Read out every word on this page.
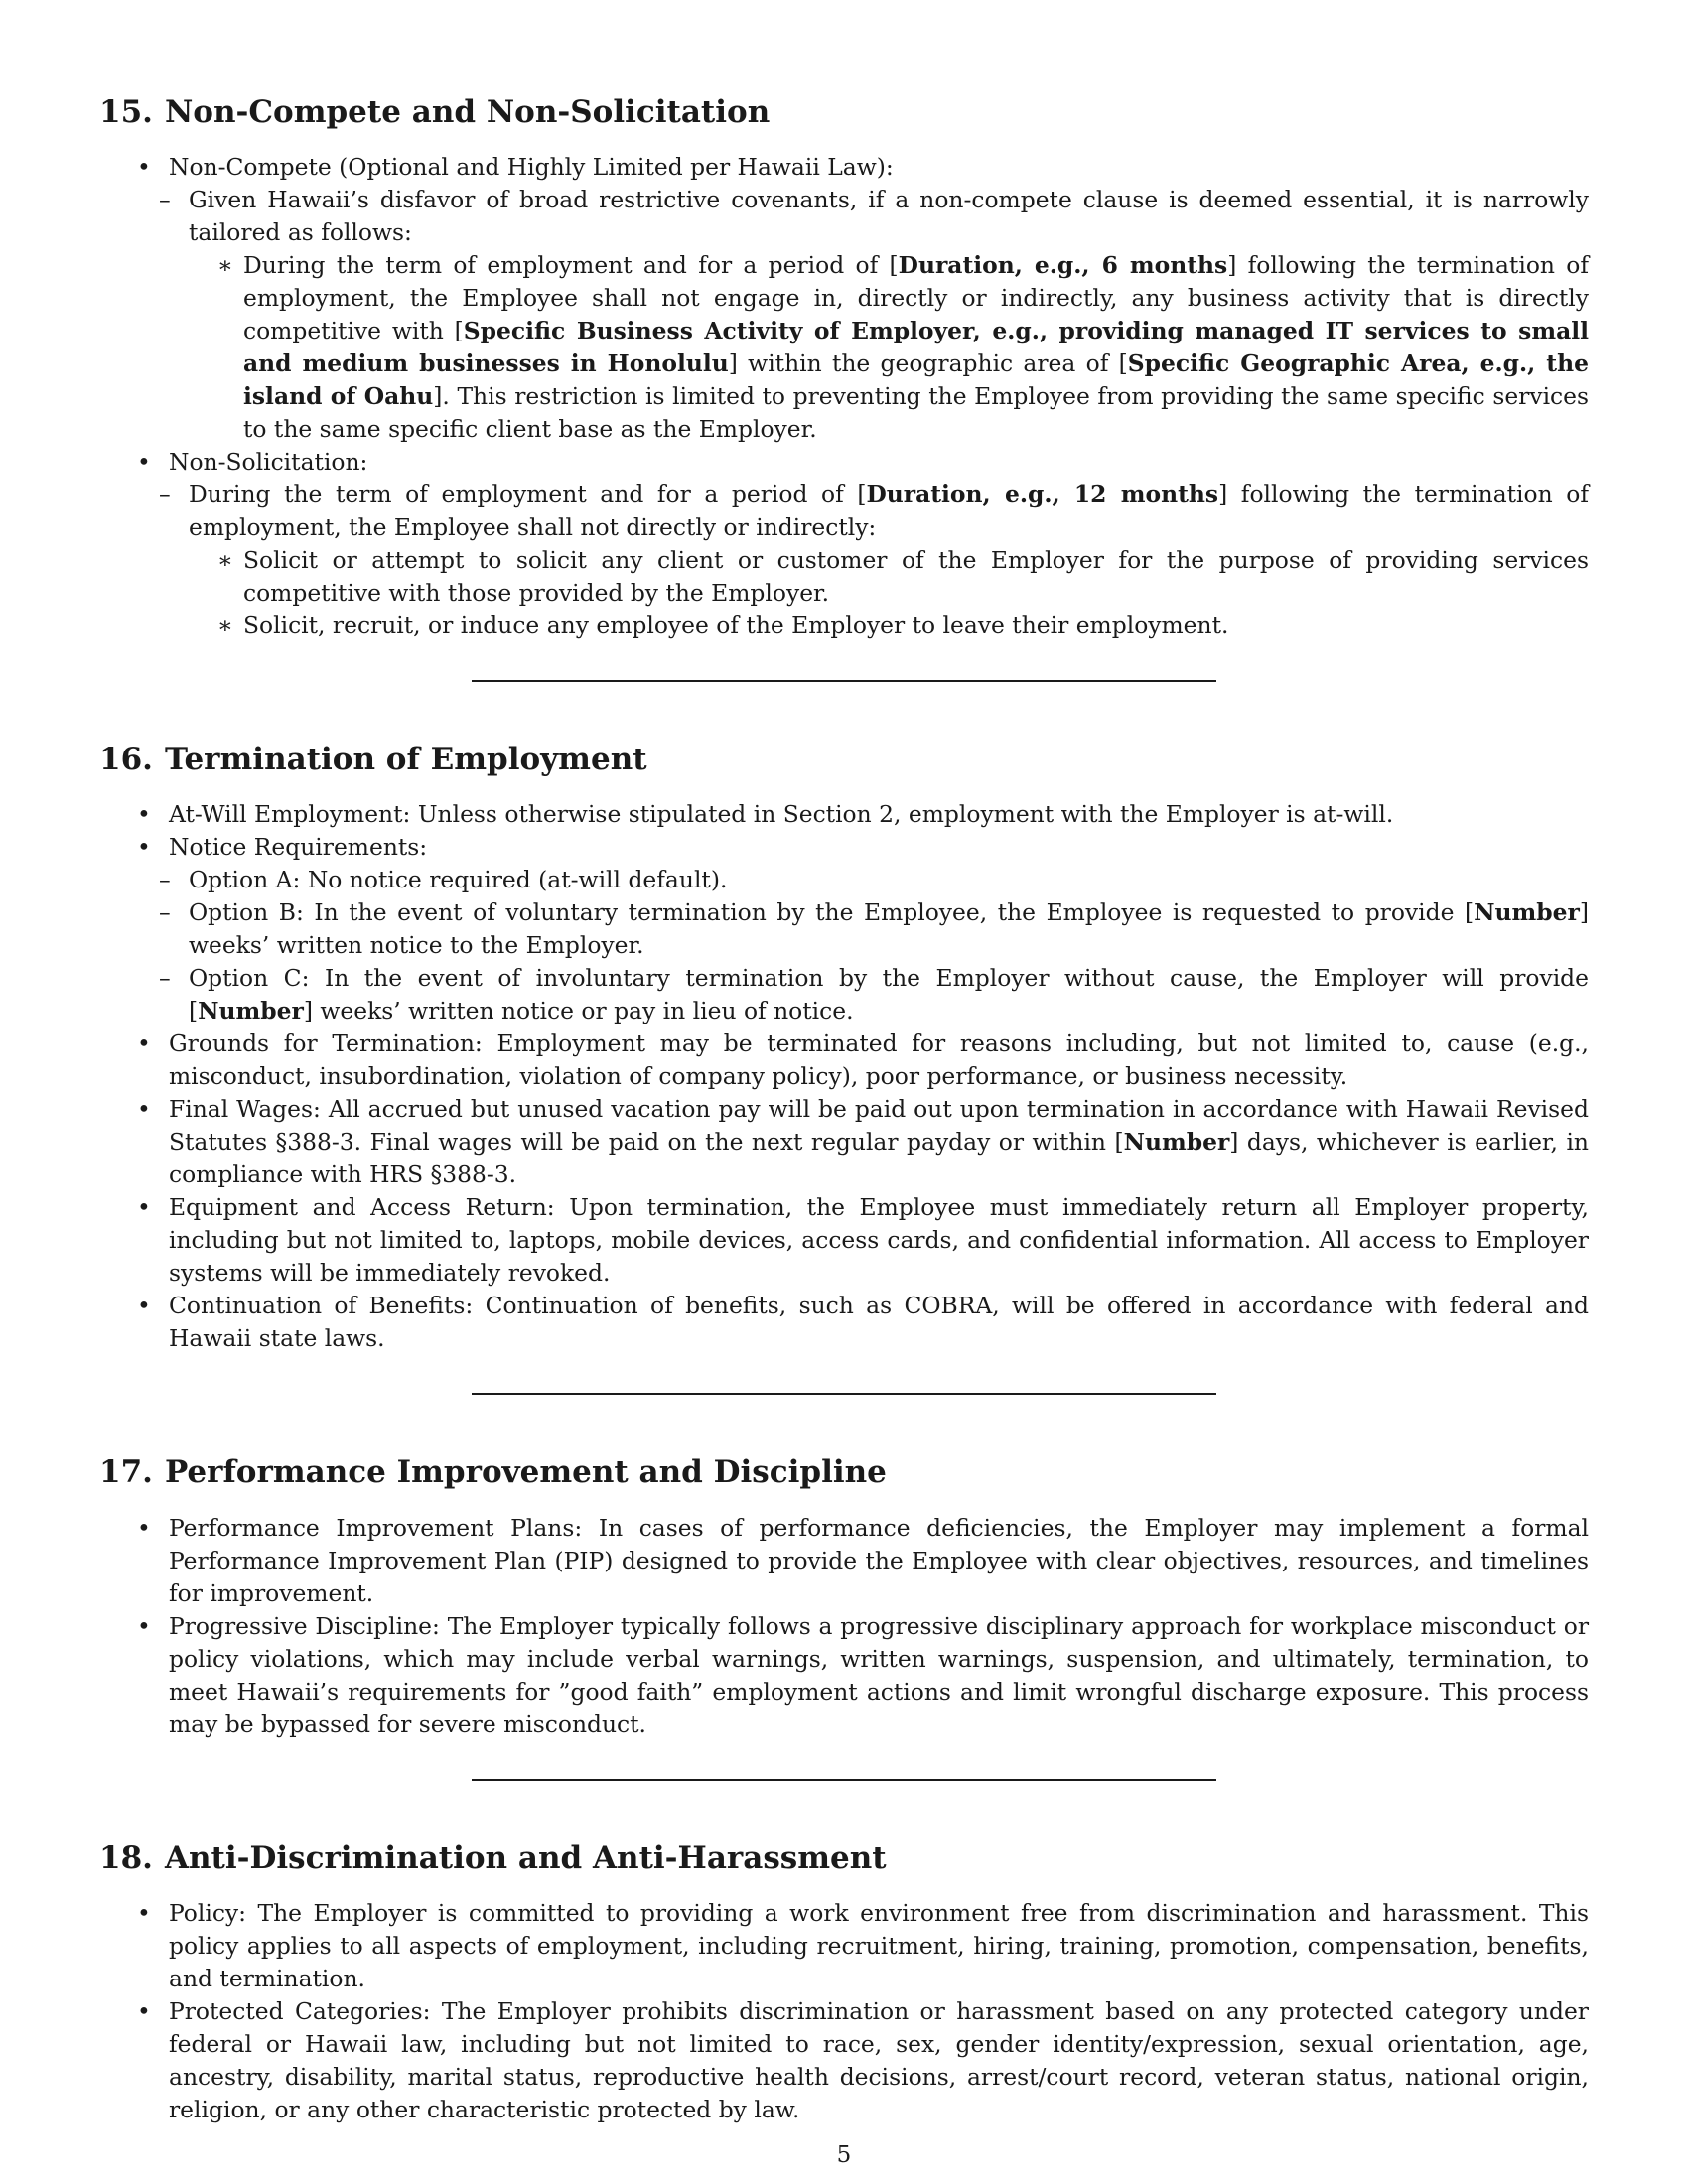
15. Non-Compete and Non-Solicitation
• Non-Compete (Optional and Highly Limited per Hawaii Law):
– Given Hawaii’s disfavor of broad restrictive covenants, if a non-compete clause is deemed essential, it is narrowly tailored as follows:
∗ During the term of employment and for a period of [Duration, e.g., 6 months] following the termination of employment, the Employee shall not engage in, directly or indirectly, any business activity that is directly competitive with [Specific Business Activity of Employer, e.g., providing managed IT services to small and medium businesses in Honolulu] within the geographic area of [Specific Geographic Area, e.g., the island of Oahu]. This restriction is limited to preventing the Employee from providing the same specific services to the same specific client base as the Employer.
• Non-Solicitation:
– During the term of employment and for a period of [Duration, e.g., 12 months] following the termination of employment, the Employee shall not directly or indirectly:
∗ Solicit or attempt to solicit any client or customer of the Employer for the purpose of providing services competitive with those provided by the Employer.
∗ Solicit, recruit, or induce any employee of the Employer to leave their employment.
16. Termination of Employment
• At-Will Employment: Unless otherwise stipulated in Section 2, employment with the Employer is at-will.
• Notice Requirements:
– Option A: No notice required (at-will default).
– Option B: In the event of voluntary termination by the Employee, the Employee is requested to provide [Number] weeks’ written notice to the Employer.
– Option C: In the event of involuntary termination by the Employer without cause, the Employer will provide [Number] weeks’ written notice or pay in lieu of notice.
• Grounds for Termination: Employment may be terminated for reasons including, but not limited to, cause (e.g., misconduct, insubordination, violation of company policy), poor performance, or business necessity.
• Final Wages: All accrued but unused vacation pay will be paid out upon termination in accordance with Hawaii Revised Statutes §388-3. Final wages will be paid on the next regular payday or within [Number] days, whichever is earlier, in compliance with HRS §388-3.
• Equipment and Access Return: Upon termination, the Employee must immediately return all Employer property, including but not limited to, laptops, mobile devices, access cards, and confidential information. All access to Employer systems will be immediately revoked.
• Continuation of Benefits: Continuation of benefits, such as COBRA, will be offered in accordance with federal and Hawaii state laws.
17. Performance Improvement and Discipline
• Performance Improvement Plans: In cases of performance deficiencies, the Employer may implement a formal Performance Improvement Plan (PIP) designed to provide the Employee with clear objectives, resources, and timelines for improvement.
• Progressive Discipline: The Employer typically follows a progressive disciplinary approach for workplace misconduct or policy violations, which may include verbal warnings, written warnings, suspension, and ultimately, termination, to meet Hawaii’s requirements for ”good faith” employment actions and limit wrongful discharge exposure. This process may be bypassed for severe misconduct.
18. Anti-Discrimination and Anti-Harassment
• Policy: The Employer is committed to providing a work environment free from discrimination and harassment. This policy applies to all aspects of employment, including recruitment, hiring, training, promotion, compensation, benefits, and termination.
• Protected Categories: The Employer prohibits discrimination or harassment based on any protected category under federal or Hawaii law, including but not limited to race, sex, gender identity/expression, sexual orientation, age, ancestry, disability, marital status, reproductive health decisions, arrest/court record, veteran status, national origin, religion, or any other characteristic protected by law.
5
